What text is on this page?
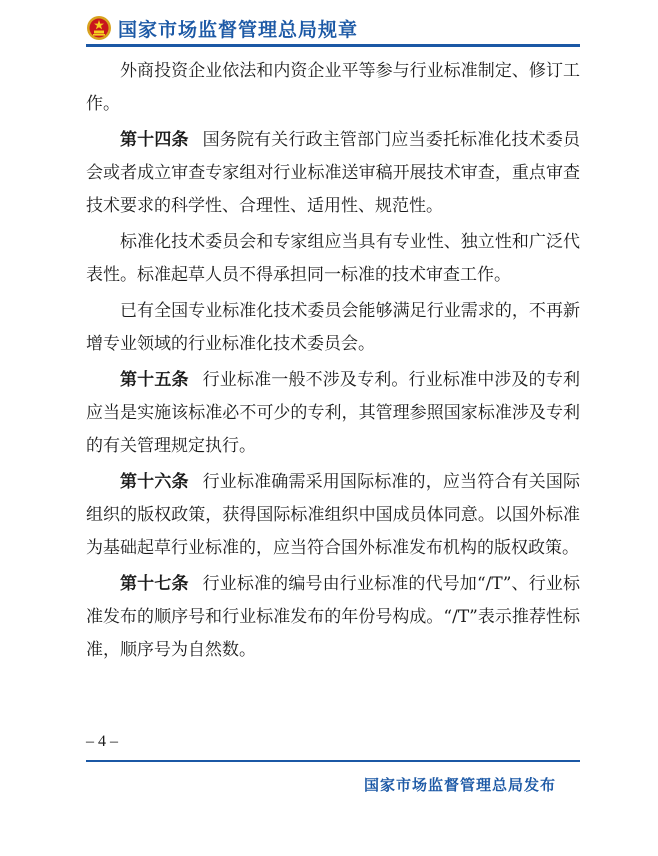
国家市场监督管理总局规章

外商投资企业依法和内资企业平等参与行业标准制定、修订工作。

第十四条 国务院有关行政主管部门应当委托标准化技术委员会或者成立审查专家组对行业标准送审稿开展技术审查，重点审查技术要求的科学性、合理性、适用性、规范性。

标准化技术委员会和专家组应当具有专业性、独立性和广泛代表性。标准起草人员不得承担同一标准的技术审查工作。

已有全国专业标准化技术委员会能够满足行业需求的，不再新增专业领域的行业标准化技术委员会。

第十五条 行业标准一般不涉及专利。行业标准中涉及的专利应当是实施该标准必不可少的专利，其管理参照国家标准涉及专利的有关管理规定执行。

第十六条 行业标准确需采用国际标准的，应当符合有关国际组织的版权政策，获得国际标准组织中国成员体同意。以国外标准为基础起草行业标准的，应当符合国外标准发布机构的版权政策。

第十七条 行业标准的编号由行业标准的代号加“/T”、行业标准发布的顺序号和行业标准发布的年份号构成。“/T”表示推荐性标准，顺序号为自然数。

– 4 –
国家市场监督管理总局发布
